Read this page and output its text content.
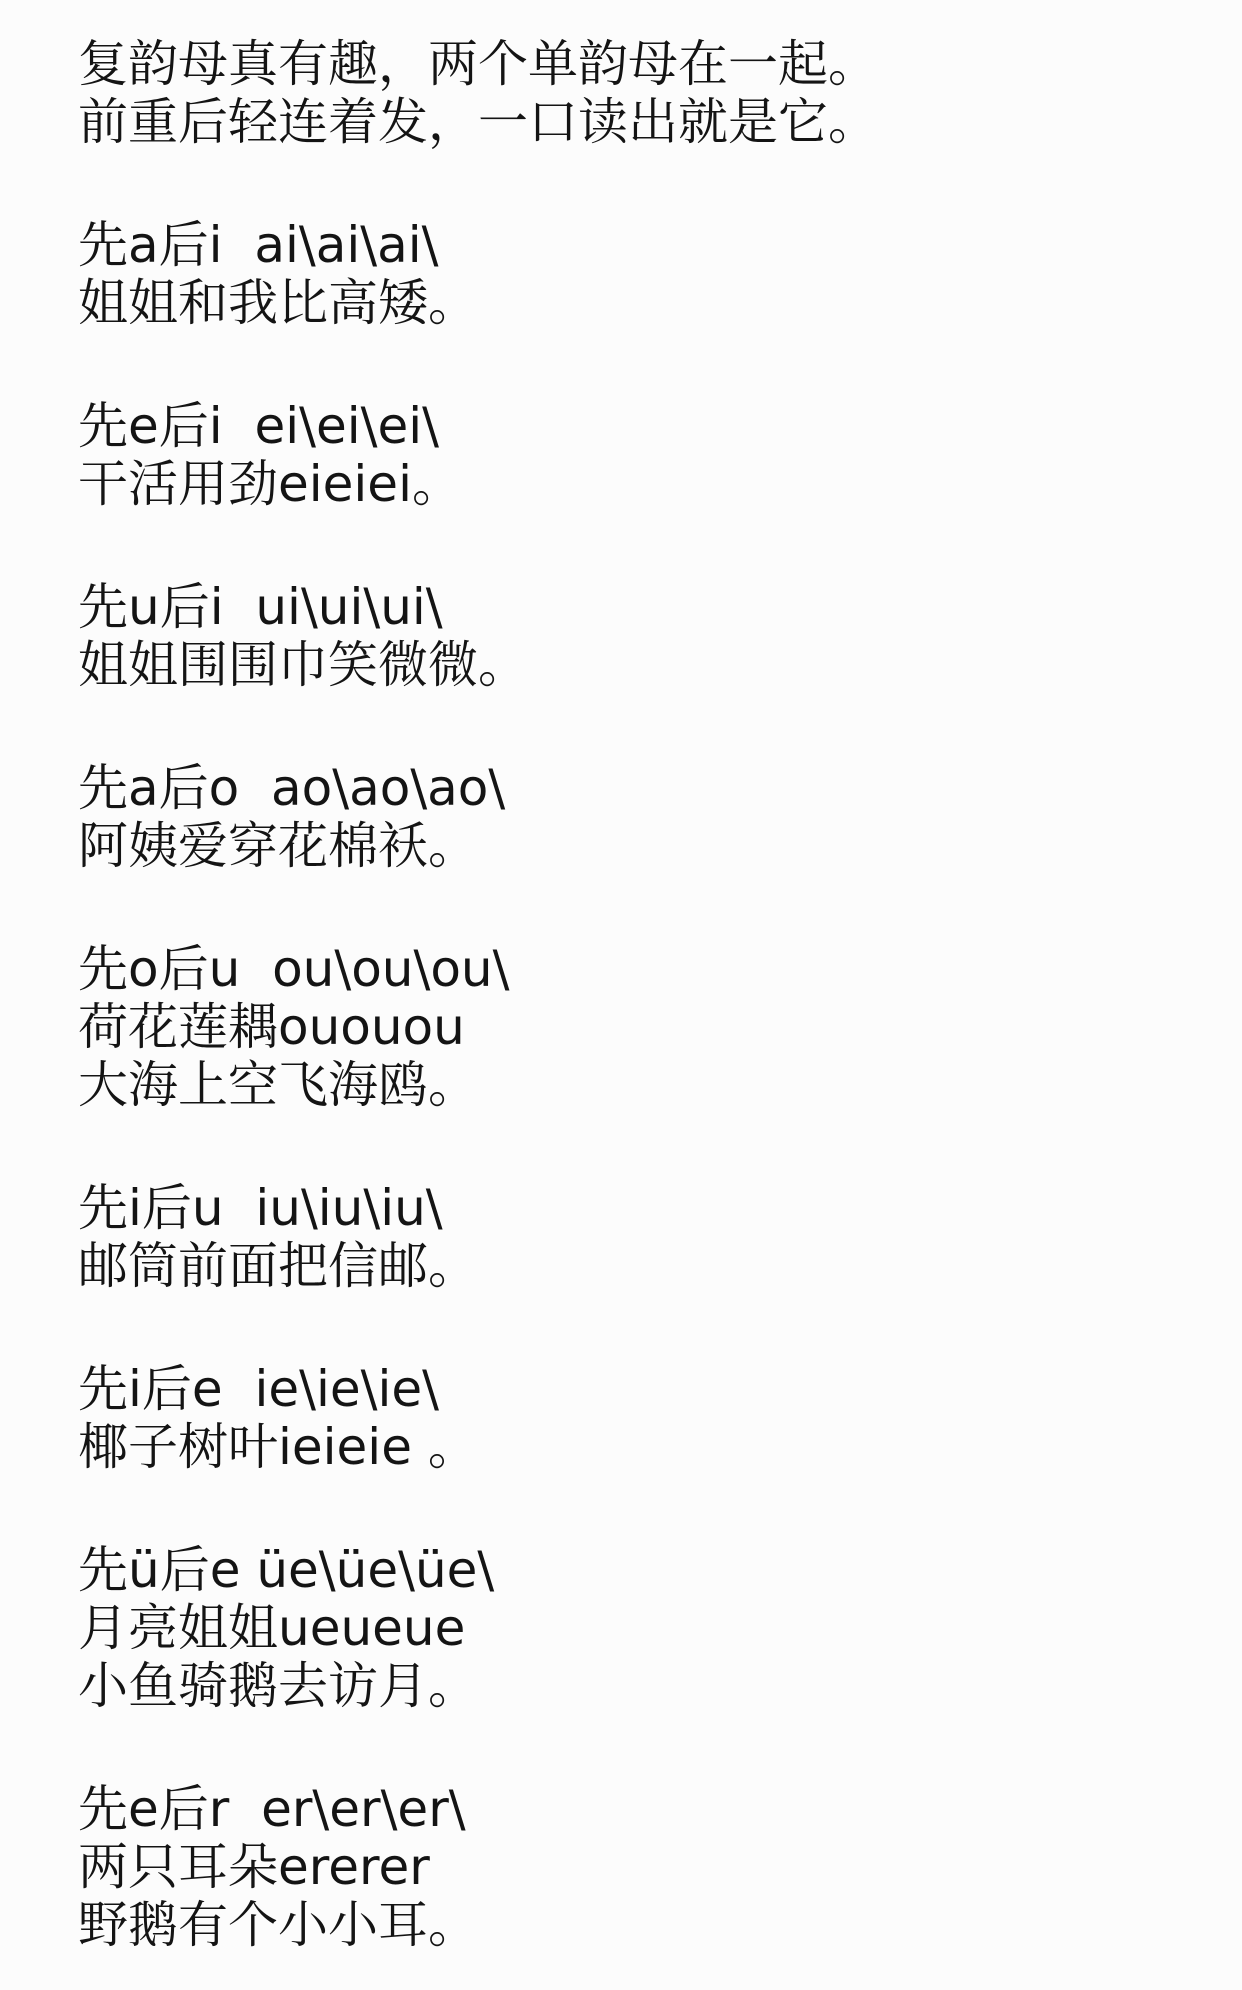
复韵母真有趣，两个单韵母在一起。

前重后轻连着发，一口读出就是它。

先a后i  ai\ai\ai\

姐姐和我比高矮。

先e后i  ei\ei\ei\

干活用劲eieiei。

先u后i  ui\ui\ui\

姐姐围围巾笑微微。

先a后o  ao\ao\ao\

阿姨爱穿花棉袄。

先o后u  ou\ou\ou\

荷花莲耦ououou

大海上空飞海鸥。

先i后u  iu\iu\iu\

邮筒前面把信邮。

先i后e  ie\ie\ie\

椰子树叶ieieie 。

先ü后e üe\üe\üe\

月亮姐姐ueueue

小鱼骑鹅去访月。

先e后r  er\er\er\

两只耳朵ererer

野鹅有个小小耳。
